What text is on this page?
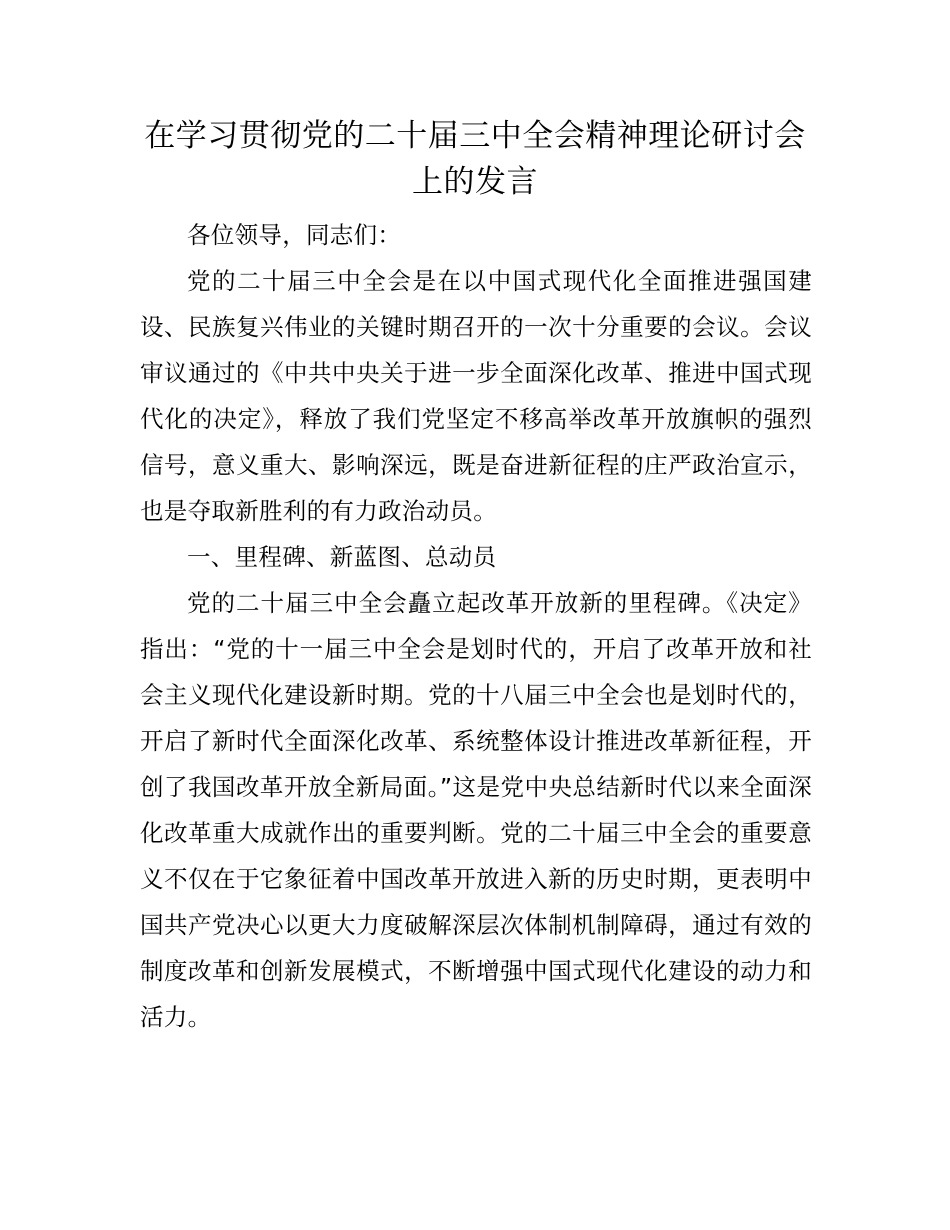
在学习贯彻党的二十届三中全会精神理论研讨会上的发言

各位领导，同志们：

党的二十届三中全会是在以中国式现代化全面推进强国建设、民族复兴伟业的关键时期召开的一次十分重要的会议。会议审议通过的《中共中央关于进一步全面深化改革、推进中国式现代化的决定》，释放了我们党坚定不移高举改革开放旗帜的强烈信号，意义重大、影响深远，既是奋进新征程的庄严政治宣示，也是夺取新胜利的有力政治动员。

一、里程碑、新蓝图、总动员

党的二十届三中全会矗立起改革开放新的里程碑。《决定》指出：“党的十一届三中全会是划时代的，开启了改革开放和社会主义现代化建设新时期。党的十八届三中全会也是划时代的，开启了新时代全面深化改革、系统整体设计推进改革新征程，开创了我国改革开放全新局面。”这是党中央总结新时代以来全面深化改革重大成就作出的重要判断。党的二十届三中全会的重要意义不仅在于它象征着中国改革开放进入新的历史时期，更表明中国共产党决心以更大力度破解深层次体制机制障碍，通过有效的制度改革和创新发展模式，不断增强中国式现代化建设的动力和活力。
